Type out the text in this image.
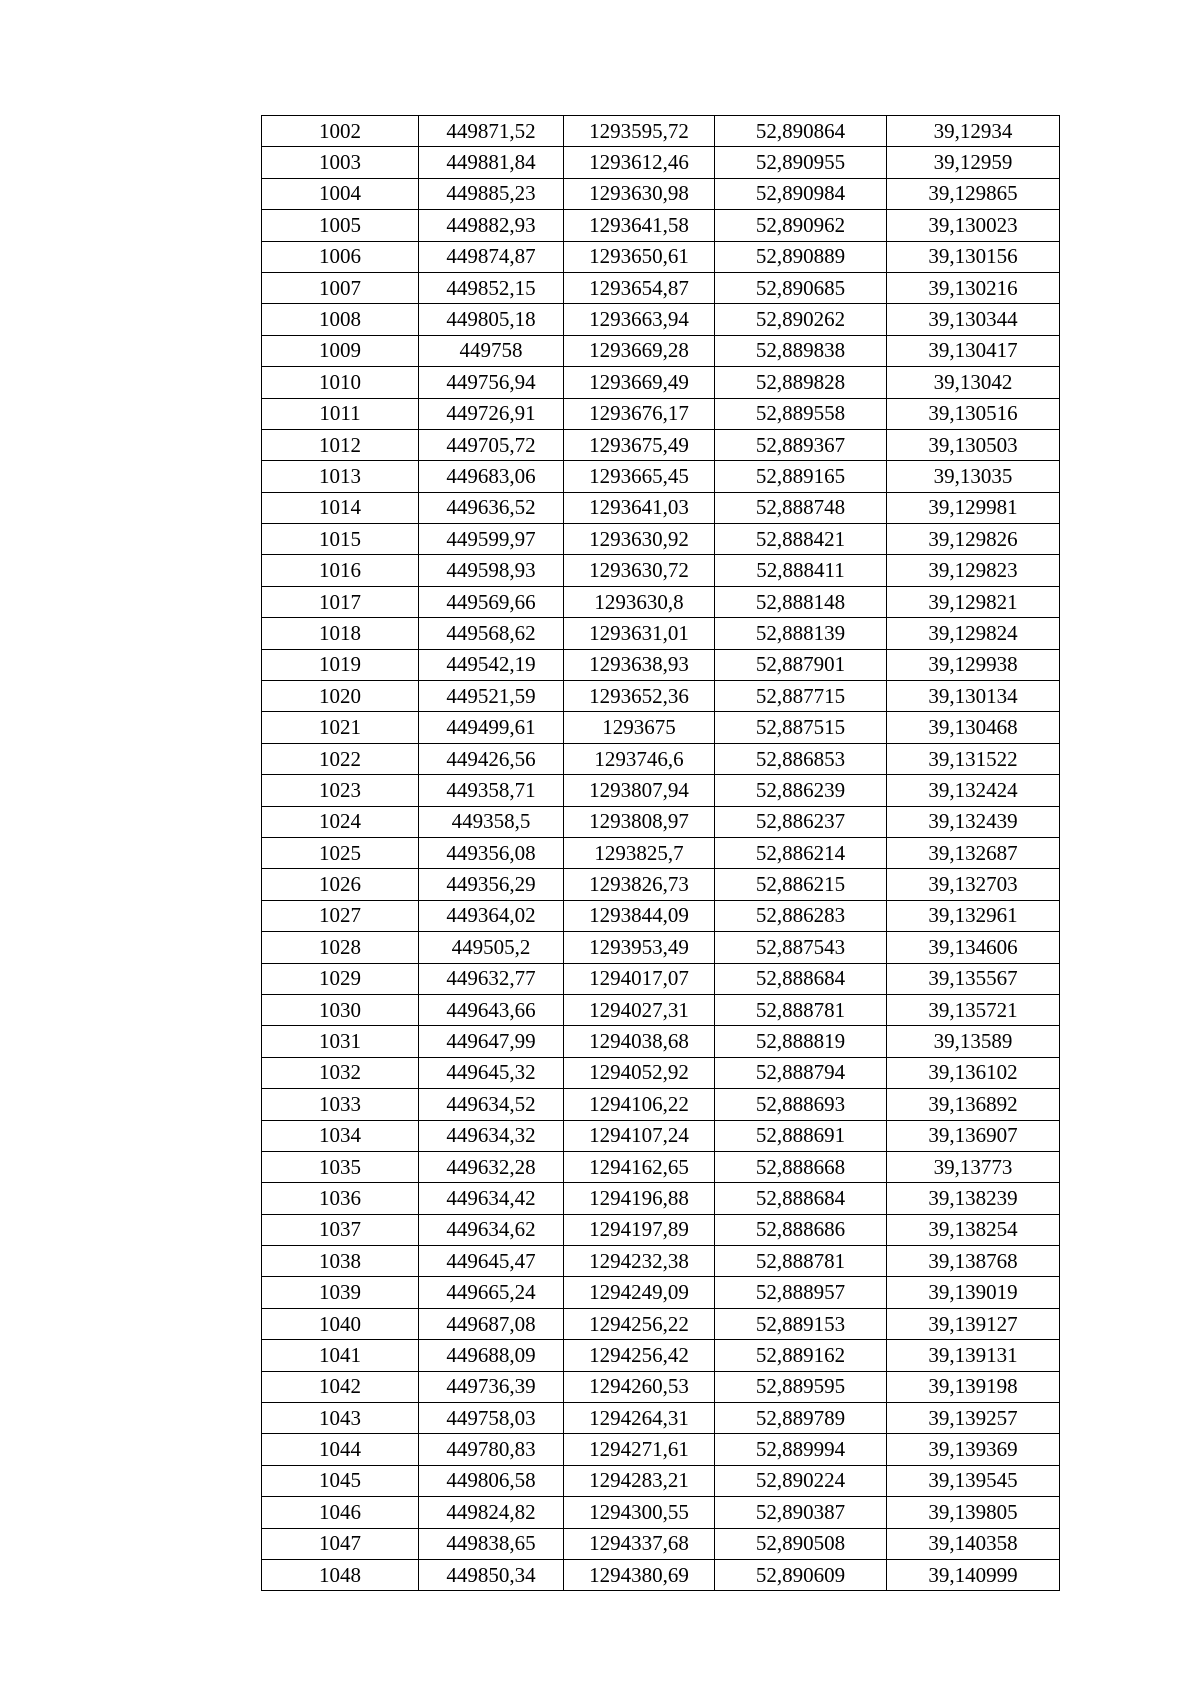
1002	449871,52	1293595,72	52,890864	39,12934
1003	449881,84	1293612,46	52,890955	39,12959
1004	449885,23	1293630,98	52,890984	39,129865
1005	449882,93	1293641,58	52,890962	39,130023
1006	449874,87	1293650,61	52,890889	39,130156
1007	449852,15	1293654,87	52,890685	39,130216
1008	449805,18	1293663,94	52,890262	39,130344
1009	449758	1293669,28	52,889838	39,130417
1010	449756,94	1293669,49	52,889828	39,13042
1011	449726,91	1293676,17	52,889558	39,130516
1012	449705,72	1293675,49	52,889367	39,130503
1013	449683,06	1293665,45	52,889165	39,13035
1014	449636,52	1293641,03	52,888748	39,129981
1015	449599,97	1293630,92	52,888421	39,129826
1016	449598,93	1293630,72	52,888411	39,129823
1017	449569,66	1293630,8	52,888148	39,129821
1018	449568,62	1293631,01	52,888139	39,129824
1019	449542,19	1293638,93	52,887901	39,129938
1020	449521,59	1293652,36	52,887715	39,130134
1021	449499,61	1293675	52,887515	39,130468
1022	449426,56	1293746,6	52,886853	39,131522
1023	449358,71	1293807,94	52,886239	39,132424
1024	449358,5	1293808,97	52,886237	39,132439
1025	449356,08	1293825,7	52,886214	39,132687
1026	449356,29	1293826,73	52,886215	39,132703
1027	449364,02	1293844,09	52,886283	39,132961
1028	449505,2	1293953,49	52,887543	39,134606
1029	449632,77	1294017,07	52,888684	39,135567
1030	449643,66	1294027,31	52,888781	39,135721
1031	449647,99	1294038,68	52,888819	39,13589
1032	449645,32	1294052,92	52,888794	39,136102
1033	449634,52	1294106,22	52,888693	39,136892
1034	449634,32	1294107,24	52,888691	39,136907
1035	449632,28	1294162,65	52,888668	39,13773
1036	449634,42	1294196,88	52,888684	39,138239
1037	449634,62	1294197,89	52,888686	39,138254
1038	449645,47	1294232,38	52,888781	39,138768
1039	449665,24	1294249,09	52,888957	39,139019
1040	449687,08	1294256,22	52,889153	39,139127
1041	449688,09	1294256,42	52,889162	39,139131
1042	449736,39	1294260,53	52,889595	39,139198
1043	449758,03	1294264,31	52,889789	39,139257
1044	449780,83	1294271,61	52,889994	39,139369
1045	449806,58	1294283,21	52,890224	39,139545
1046	449824,82	1294300,55	52,890387	39,139805
1047	449838,65	1294337,68	52,890508	39,140358
1048	449850,34	1294380,69	52,890609	39,140999
